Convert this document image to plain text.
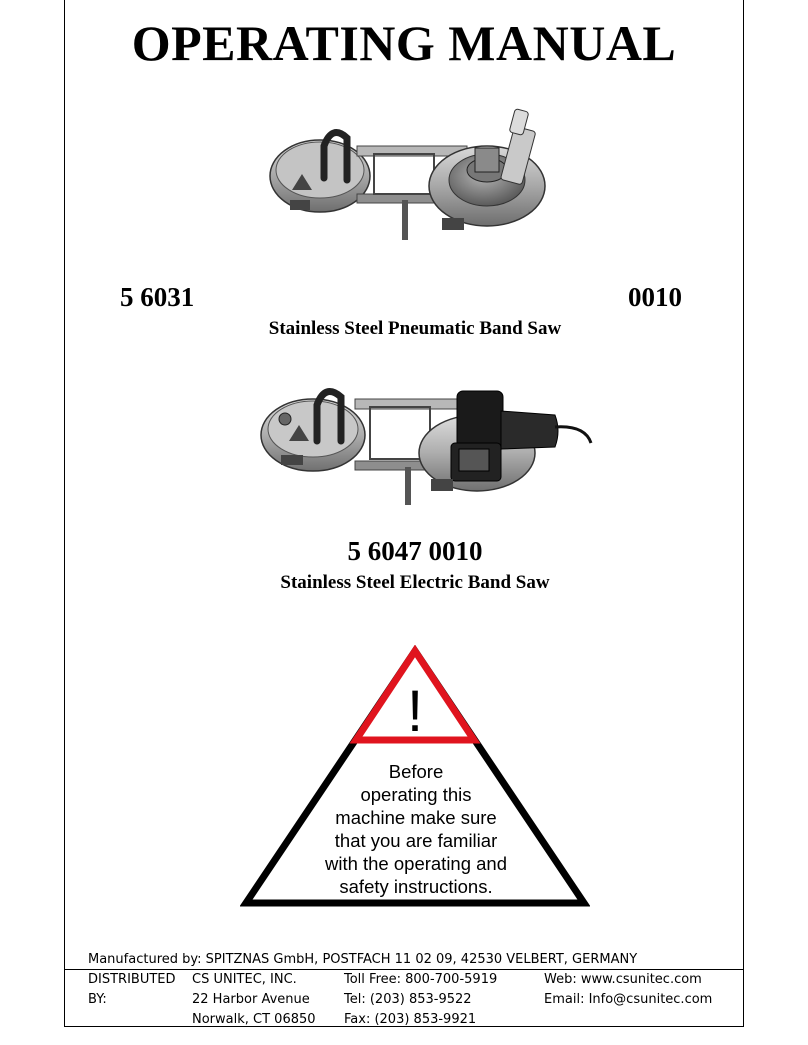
OPERATING MANUAL
5 6031	0010
Stainless Steel Pneumatic Band Saw
5 6047 0010
Stainless Steel Electric Band Saw
!
Before
operating this
machine make sure
that you are familiar
with the operating and
safety instructions.
Manufactured by: SPITZNAS GmbH, POSTFACH 11 02 09, 42530 VELBERT, GERMANY
DISTRIBUTED
BY:
CS UNITEC, INC.
22 Harbor Avenue
Norwalk, CT 06850
Toll Free: 800-700-5919
Tel: (203) 853-9522
Fax: (203) 853-9921
Web: www.csunitec.com
Email: Info@csunitec.com
